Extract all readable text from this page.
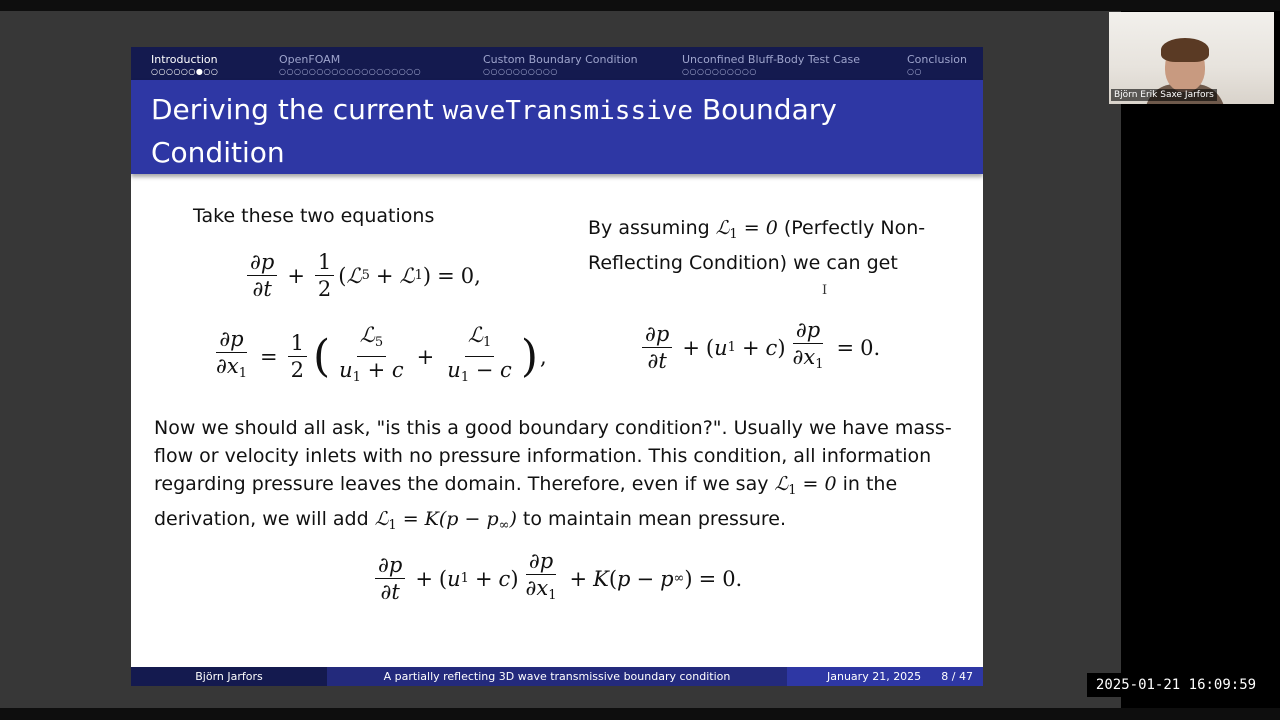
Introduction
○○○○○○●○○
OpenFOAM
○○○○○○○○○○○○○○○○○○○
Custom Boundary Condition
○○○○○○○○○○
Unconfined Bluff-Body Test Case
○○○○○○○○○○
Conclusion
○○
Deriving the current waveTransmissive Boundary Condition
Take these two equations
$\frac{\partial p}{\partial t} + \frac{1}{2}$ ( ℒ 5 + ℒ 1 ) = 0,
$\frac{\partial p}{\partial x_1} = \frac{1}{2}$ ( $\frac{ℒ_5}{u_1 + c} + \frac{ℒ_1}{u_1 - c}$ ) ,
By assuming ℒ$_1$ = 0 (Perfectly Non-Reflecting Condition) we can get
$\frac{\partial p}{\partial t}$ + ( u 1 + c ) $\frac{\partial p}{\partial x_1} = 0$.
Now we should all ask, "is this a good boundary condition?". Usually we have mass-flow or velocity inlets with no pressure information. This condition, all information regarding pressure leaves the domain. Therefore, even if we say ℒ$_1$ = 0 in the derivation, we will add ℒ$_1$ = $K(p - p_\infty)$ to maintain mean pressure.
$\frac{\partial p}{\partial t}$ + ( u 1 + c ) $\frac{\partial p}{\partial x_1} + K$ ( p − p ∞ ) = 0.
Björn Jarfors	A partially reflecting 3D wave transmissive boundary condition	January 21, 2025 8 / 47
I
Björn Erik Saxe Jarfors
2025-01-21 16:09:59
